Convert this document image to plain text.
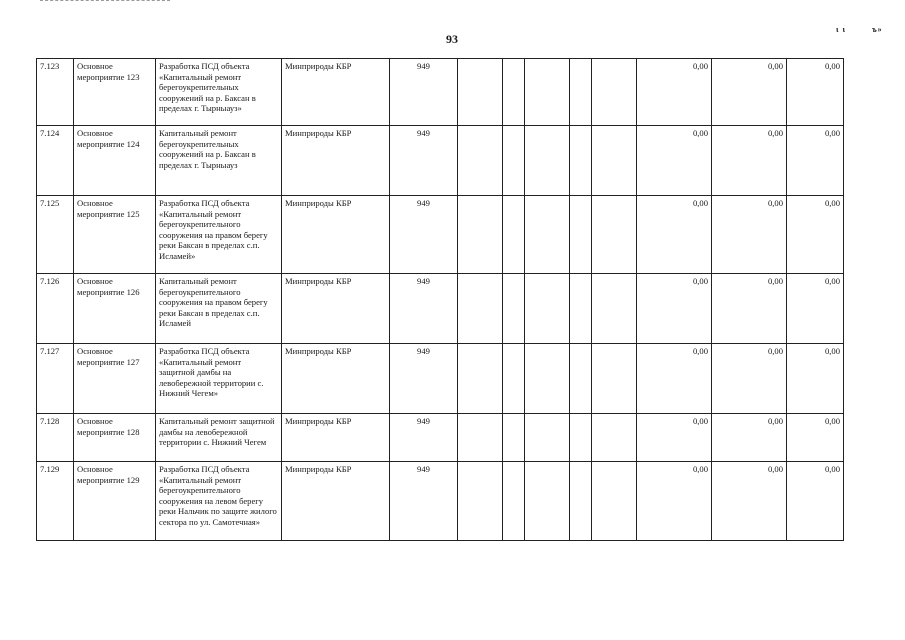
93
ι ι	ъ»
7.123	Основное мероприятие 123	Разработка ПСД объекта «Капитальный ремонт берегоукрепительных сооружений на р. Баксан в пределах г. Тырныауз»	Минприроды КБР	949						0,00	0,00	0,00
7.124	Основное мероприятие 124	Капитальный ремонт берегоукрепительных сооружений на р. Баксан в пределах г. Тырныауз	Минприроды КБР	949						0,00	0,00	0,00
7.125	Основное мероприятие 125	Разработка ПСД объекта «Капитальный ремонт берегоукрепительного сооружения на правом берегу реки Баксан в пределах с.п. Исламей»	Минприроды КБР	949						0,00	0,00	0,00
7.126	Основное мероприятие 126	Капитальный ремонт берегоукрепительного сооружения на правом берегу реки Баксан в пределах с.п. Исламей	Минприроды КБР	949						0,00	0,00	0,00
7.127	Основное мероприятие 127	Разработка ПСД объекта «Капитальный ремонт защитной дамбы на левобережной территории с. Нижний Чегем»	Минприроды КБР	949						0,00	0,00	0,00
7.128	Основное мероприятие 128	Капитальный ремонт защитной дамбы на левобережной территории с. Нижний Чегем	Минприроды КБР	949						0,00	0,00	0,00
7.129	Основное мероприятие 129	Разработка ПСД объекта «Капитальный ремонт берегоукрепительного сооружения на левом берегу реки Нальчик по защите жилого сектора по ул. Самотечная»	Минприроды КБР	949						0,00	0,00	0,00
